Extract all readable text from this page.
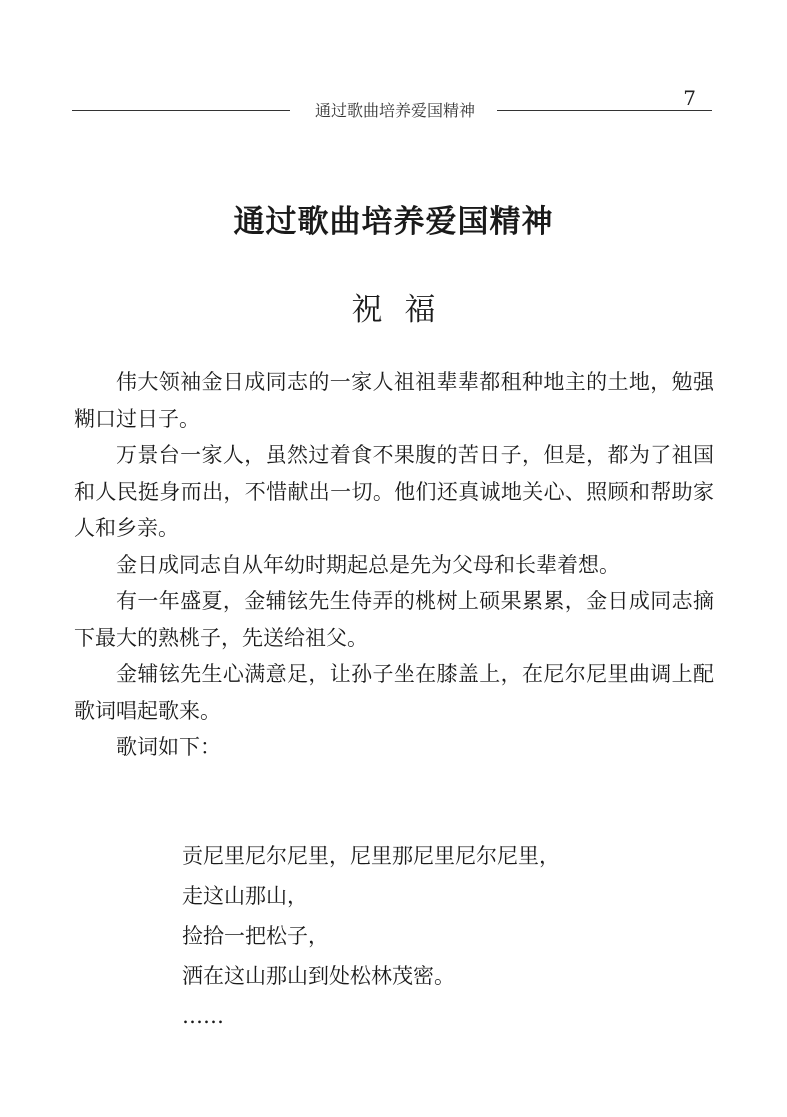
通过歌曲培养爱国精神
7
通过歌曲培养爱国精神
祝福

伟大领袖金日成同志的一家人祖祖辈辈都租种地主的土地，勉强糊口过日子。

万景台一家人，虽然过着食不果腹的苦日子，但是，都为了祖国和人民挺身而出，不惜献出一切。他们还真诚地关心、照顾和帮助家人和乡亲。

金日成同志自从年幼时期起总是先为父母和长辈着想。

有一年盛夏，金辅铉先生侍弄的桃树上硕果累累，金日成同志摘下最大的熟桃子，先送给祖父。

金辅铉先生心满意足，让孙子坐在膝盖上，在尼尔尼里曲调上配歌词唱起歌来。

歌词如下：

贡尼里尼尔尼里，尼里那尼里尼尔尼里，
走这山那山，
捡拾一把松子，
洒在这山那山到处松林茂密。
……
